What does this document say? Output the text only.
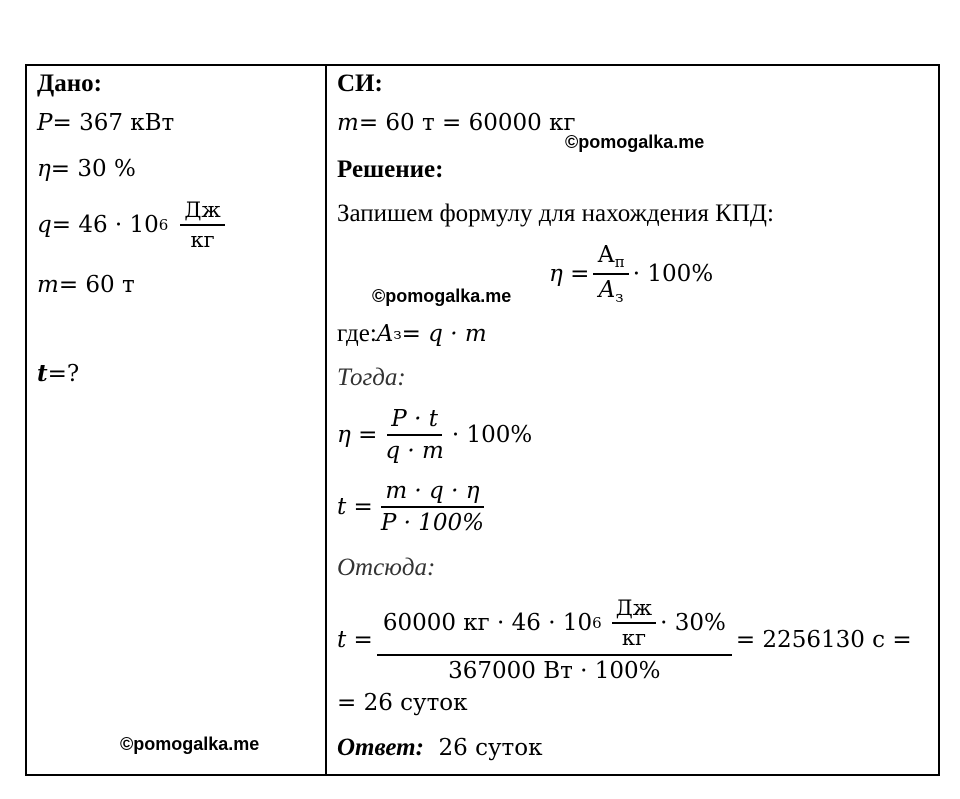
Дано:
P = 367 кВт
η = 30 %
q = 46 · 10 $6 \frac{Дж}{кг}$
m = 60 т
t =?
СИ:
m = 60 т = 60000 кг
Решение:
Запишем формулу для нахождения КПД:
$\eta = \frac{А_п}{A_з} \cdot 100\%$
где: A з = q · m
Тогда:
$\eta = \frac{P \cdot t}{q \cdot m} \cdot 100\%$
$t = \frac{m \cdot q \cdot \eta}{P \cdot 100\%}$
Отсюда:
t =
60000 кг · 46 · 10 $6 \frac{Дж}{кг} \cdot 30\%$
367000 Вт · 100%
= 2256130 с =
= 26 суток
Ответ: 26 суток
©pomogalka.me
©pomogalka.me
©pomogalka.me
